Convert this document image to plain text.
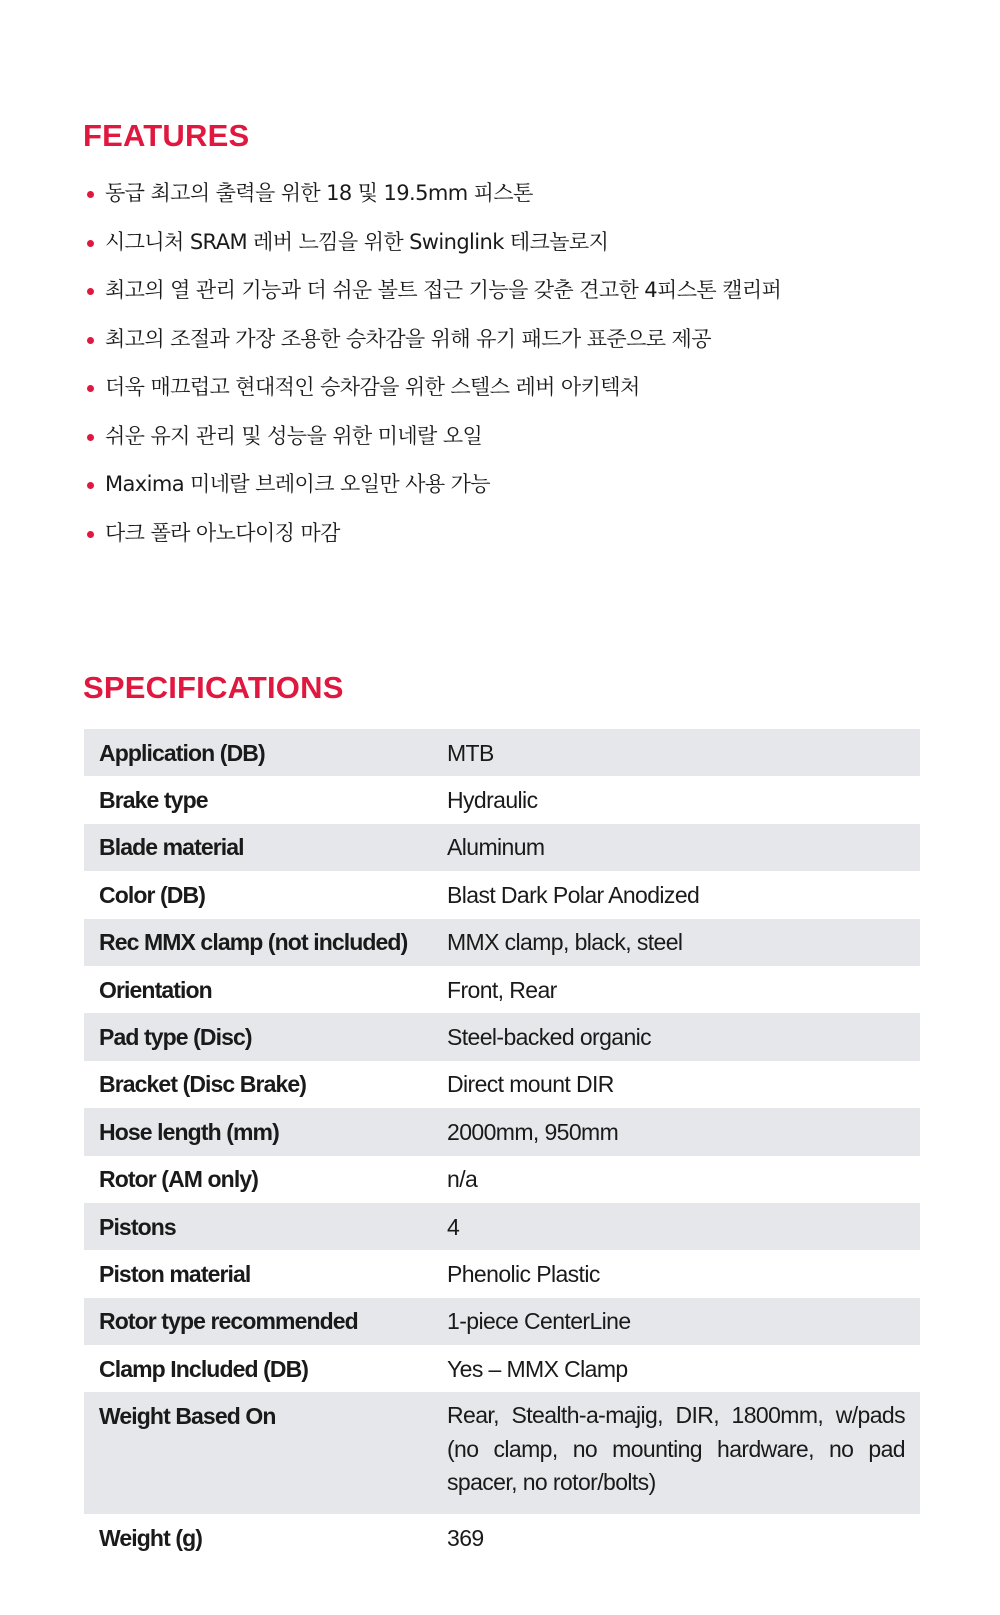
FEATURES
동급 최고의 출력을 위한 18 및 19.5mm 피스톤
시그니처 SRAM 레버 느낌을 위한 Swinglink 테크놀로지
최고의 열 관리 기능과 더 쉬운 볼트 접근 기능을 갖춘 견고한 4피스톤 캘리퍼
최고의 조절과 가장 조용한 승차감을 위해 유기 패드가 표준으로 제공
더욱 매끄럽고 현대적인 승차감을 위한 스텔스 레버 아키텍처
쉬운 유지 관리 및 성능을 위한 미네랄 오일
Maxima 미네랄 브레이크 오일만 사용 가능
다크 폴라 아노다이징 마감
SPECIFICATIONS
Application (DB)	MTB
Brake type	Hydraulic
Blade material	Aluminum
Color (DB)	Blast Dark Polar Anodized
Rec MMX clamp (not included)	MMX clamp, black, steel
Orientation	Front, Rear
Pad type (Disc)	Steel-backed organic
Bracket (Disc Brake)	Direct mount DIR
Hose length (mm)	2000mm, 950mm
Rotor (AM only)	n/a
Pistons	4
Piston material	Phenolic Plastic
Rotor type recommended	1-piece CenterLine
Clamp Included (DB)	Yes – MMX Clamp
Weight Based On	Rear, Stealth-a-majig, DIR, 1800mm, w/pads (no clamp, no mounting hardware, no pad spacer, no rotor/bolts)
Weight (g)	369
